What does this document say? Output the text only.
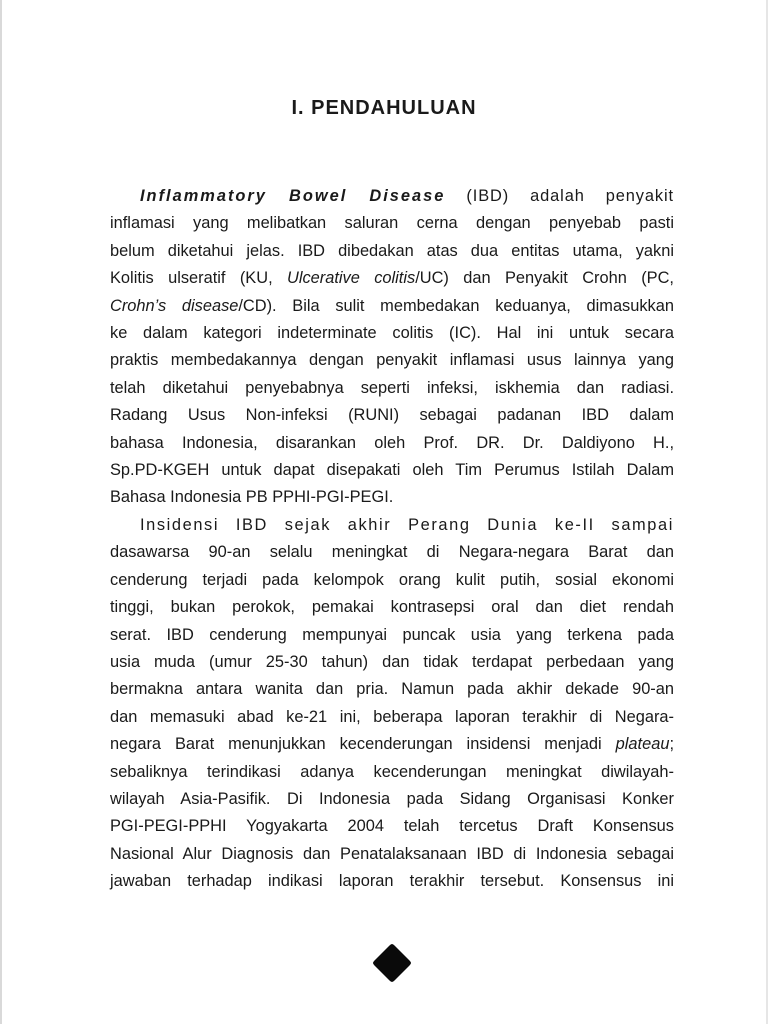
I. PENDAHULUAN

Inflammatory Bowel Disease (IBD) adalah penyakit
inflamasi yang melibatkan saluran cerna dengan penyebab pasti
belum diketahui jelas. IBD dibedakan atas dua entitas utama, yakni
Kolitis ulseratif (KU, Ulcerative colitis/UC) dan Penyakit Crohn (PC,
Crohn’s disease/CD). Bila sulit membedakan keduanya, dimasukkan
ke dalam kategori indeterminate colitis (IC). Hal ini untuk secara
praktis membedakannya dengan penyakit inflamasi usus lainnya yang
telah diketahui penyebabnya seperti infeksi, iskhemia dan radiasi.
Radang Usus Non-infeksi (RUNI) sebagai padanan IBD dalam
bahasa Indonesia, disarankan oleh Prof. DR. Dr. Daldiyono H.,
Sp.PD-KGEH untuk dapat disepakati oleh Tim Perumus Istilah Dalam
Bahasa Indonesia PB PPHI-PGI-PEGI.

Insidensi IBD sejak akhir Perang Dunia ke-II sampai
dasawarsa 90-an selalu meningkat di Negara-negara Barat dan
cenderung terjadi pada kelompok orang kulit putih, sosial ekonomi
tinggi, bukan perokok, pemakai kontrasepsi oral dan diet rendah
serat. IBD cenderung mempunyai puncak usia yang terkena pada
usia muda (umur 25-30 tahun) dan tidak terdapat perbedaan yang
bermakna antara wanita dan pria. Namun pada akhir dekade 90-an
dan memasuki abad ke-21 ini, beberapa laporan terakhir di Negara-
negara Barat menunjukkan kecenderungan insidensi menjadi plateau;
sebaliknya terindikasi adanya kecenderungan meningkat diwilayah-
wilayah Asia-Pasifik. Di Indonesia pada Sidang Organisasi Konker
PGI-PEGI-PPHI Yogyakarta 2004 telah tercetus Draft Konsensus
Nasional Alur Diagnosis dan Penatalaksanaan IBD di Indonesia sebagai
jawaban terhadap indikasi laporan terakhir tersebut. Konsensus ini
